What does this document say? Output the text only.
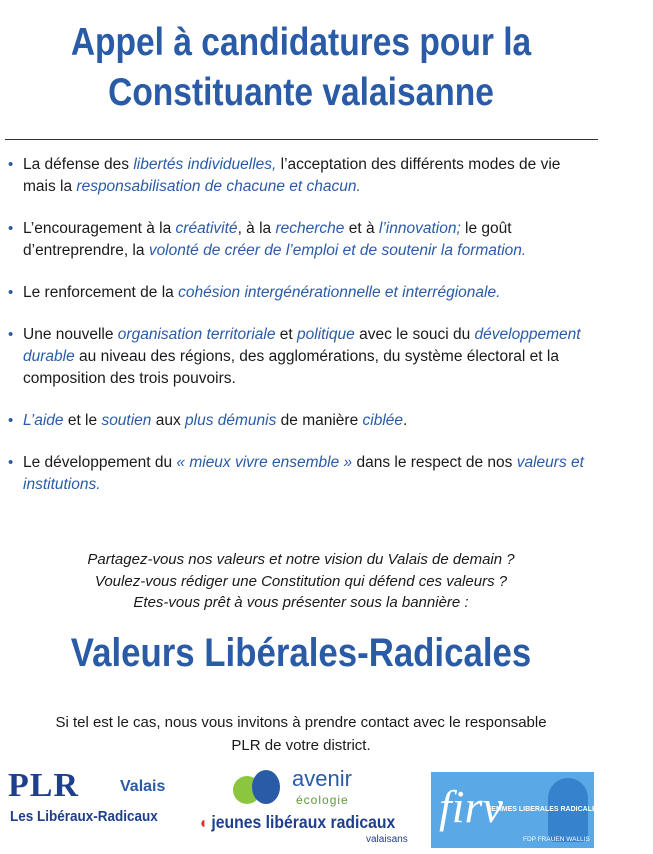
Appel à candidatures pour la
Constituante valaisanne
• La défense des libertés individuelles, l’acceptation des différents modes de vie mais la responsabilisation de chacune et chacun.
• L’encouragement à la créativité, à la recherche et à l’innovation; le goût d’entreprendre, la volonté de créer de l’emploi et de soutenir la formation.
• Le renforcement de la cohésion intergénérationnelle et interrégionale.
• Une nouvelle organisation territoriale et politique avec le souci du développement durable au niveau des régions, des agglomérations, du système électoral et la composition des trois pouvoirs.
• L’aide et le soutien aux plus démunis de manière ciblée.
• Le développement du « mieux vivre ensemble » dans le respect de nos valeurs et institutions.
Partagez-vous nos valeurs et notre vision du Valais de demain ?
Voulez-vous rédiger une Constitution qui défend ces valeurs ?
Etes-vous prêt à vous présenter sous la bannière :
Valeurs Libérales-Radicales
Si tel est le cas, nous vous invitons à prendre contact avec le responsable
PLR de votre district.
PLR	Valais
Les Libéraux-Radicaux
avenir
écologie
◐ jeunes libéraux radicaux
valaisans
firv
FEMMES LIBERALES RADICALES VALAISANNES
FDP FRAUEN WALLIS
